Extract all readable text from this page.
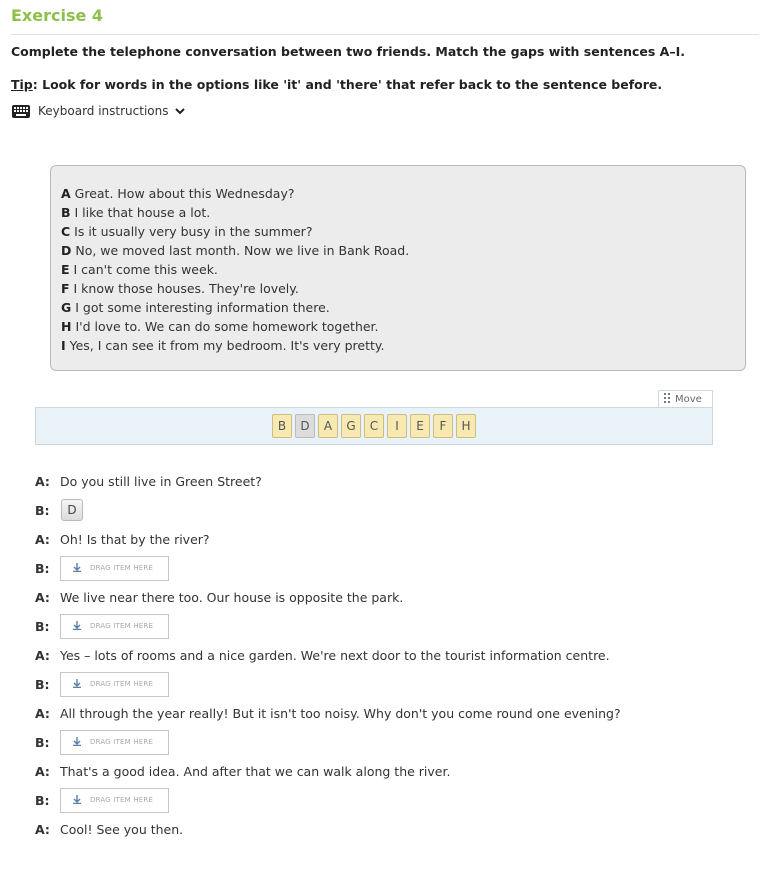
Exercise 4
Complete the telephone conversation between two friends. Match the gaps with sentences A–I.
Tip: Look for words in the options like 'it' and 'there' that refer back to the sentence before.
Keyboard instructions
A Great. How about this Wednesday?
B I like that house a lot.
C Is it usually very busy in the summer?
D No, we moved last month. Now we live in Bank Road.
E I can't come this week.
F I know those houses. They're lovely.
G I got some interesting information there.
H I'd love to. We can do some homework together.
I Yes, I can see it from my bedroom. It's very pretty.
Move
B	D	A	G	C	I	E	F	H
A: Do you still live in Green Street?
B:	D
A: Oh! Is that by the river?
B:	DRAG ITEM HERE
A: We live near there too. Our house is opposite the park.
B:	DRAG ITEM HERE
A: Yes – lots of rooms and a nice garden. We're next door to the tourist information centre.
B:	DRAG ITEM HERE
A: All through the year really! But it isn't too noisy. Why don't you come round one evening?
B:	DRAG ITEM HERE
A: That's a good idea. And after that we can walk along the river.
B:	DRAG ITEM HERE
A: Cool! See you then.
